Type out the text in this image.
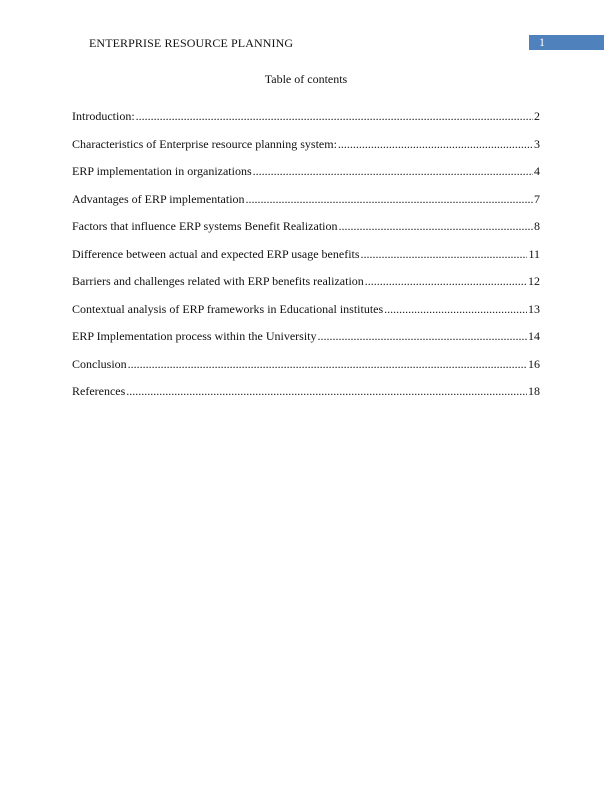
ENTERPRISE RESOURCE PLANNING	1
Table of contents
Introduction: .....	2
Characteristics of Enterprise resource planning system: .....	3
ERP implementation in organizations .....	4
Advantages of ERP implementation .....	7
Factors that influence ERP systems Benefit Realization .....	8
Difference between actual and expected ERP usage benefits .....	11
Barriers and challenges related with ERP benefits realization .....	12
Contextual analysis of ERP frameworks in Educational institutes .....	13
ERP Implementation process within the University .....	14
Conclusion .....	16
References .....	18
